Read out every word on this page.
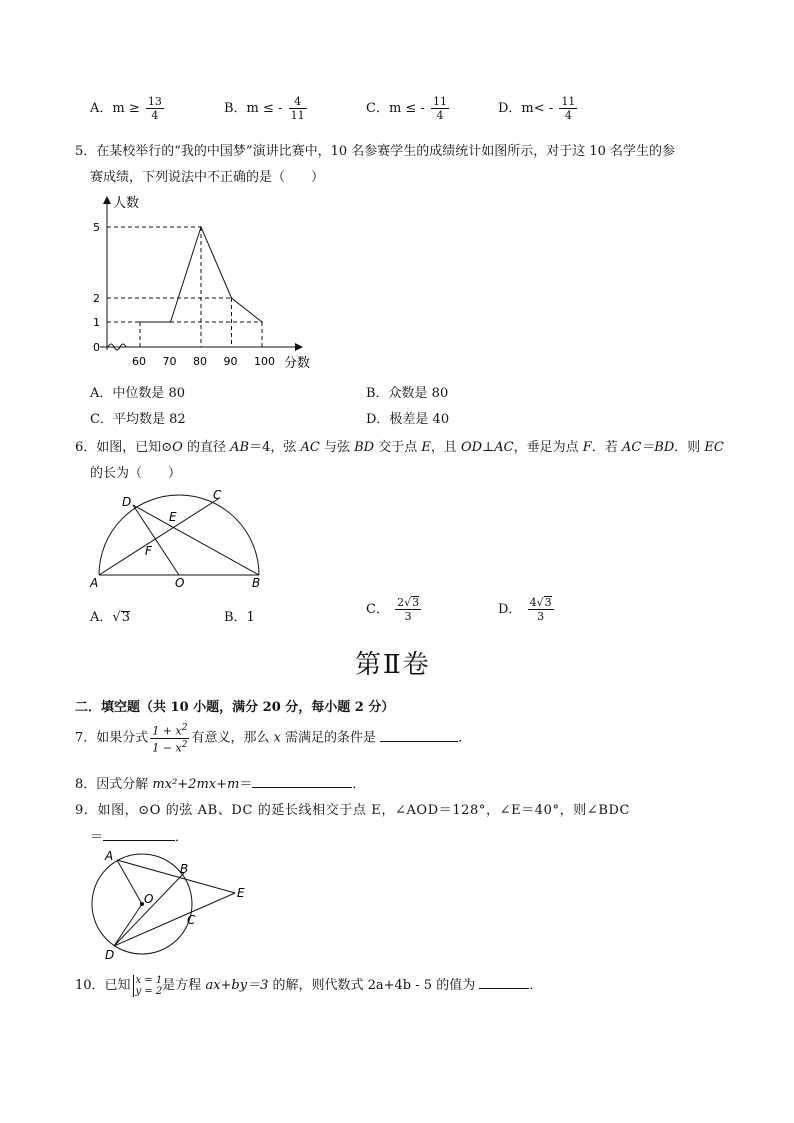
A．$m \ge \frac{13}{4}$	B．m ≤ - $\frac{4}{11}$	C．m ≤ - $\frac{11}{4}$	D．$m< - \frac{11}{4}$
5．在某校举行的“我的中国梦”演讲比赛中，10 名参赛学生的成绩统计如图所示，对于这 10 名学生的参
赛成绩，下列说法中不正确的是（　　）
人数
分数
0
1
2
5
60 70 80 90 100
A．中位数是 80	B．众数是 80
C．平均数是 82	D．极差是 40
6．如图，已知⊙O 的直径 AB＝4，弦 AC 与弦 BD 交于点 E，且 OD⊥AC，垂足为点 F．若 AC＝BD．则 EC
的长为（　　）
A	O	B
D	C
E
F
A．√3	B．1
C． $\frac{2√3}{3}$	D． $\frac{4√3}{3}$
第Ⅱ卷
二．填空题（共 10 小题，满分 20 分，每小题 2 分）
7．如果分式 $\frac{1 + x^2}{1 - x^2}$ 有意义，那么 x 需满足的条件是	．
8．因式分解 mx²+2mx+m＝	．
9．如图，⊙O 的弦 AB、DC 的延长线相交于点 E，∠AOD＝128°，∠E＝40°，则∠BDC
＝	．
A
B
C
D
E
O
10．已知 x = 1
y = 2 是方程 ax+by＝3 的解，则代数式 2a+4b - 5 的值为	．
